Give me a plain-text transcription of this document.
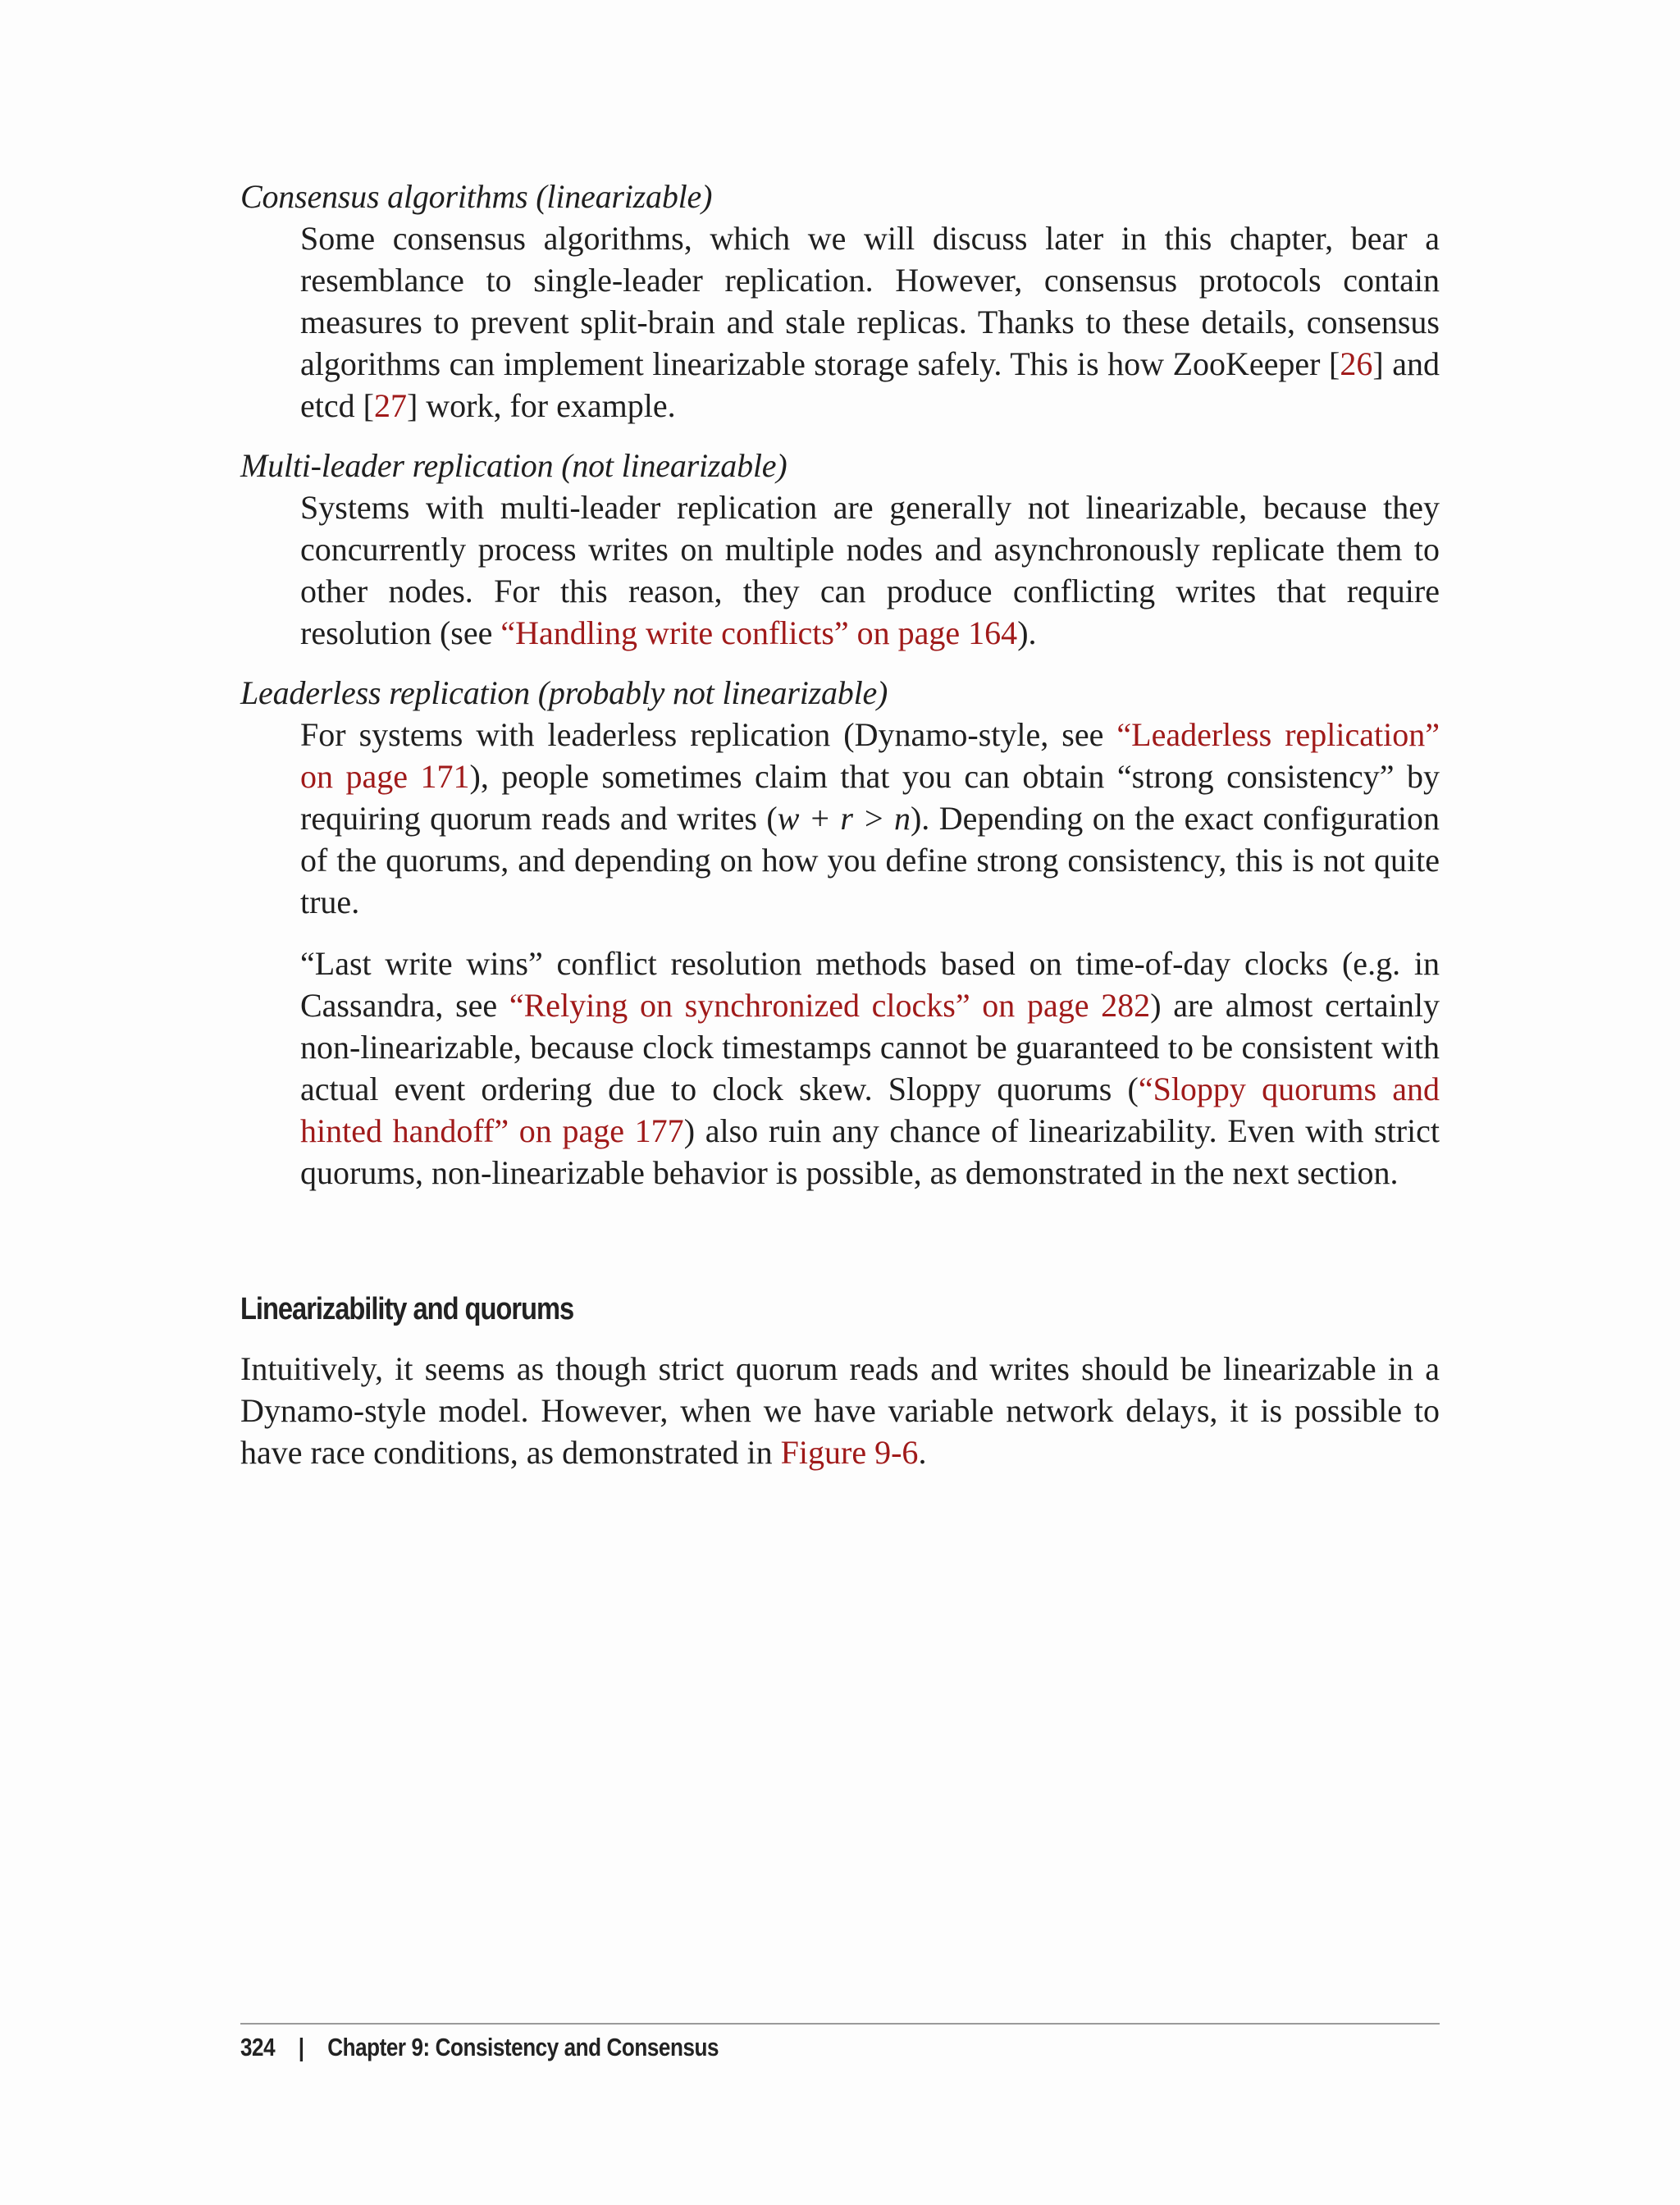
Consensus algorithms (linearizable)

Some consensus algorithms, which we will discuss later in this chapter, bear a resemblance to single-leader replication. However, consensus protocols contain measures to prevent split-brain and stale replicas. Thanks to these details, consensus algorithms can implement linearizable storage safely. This is how ZooKeeper [26] and etcd [27] work, for example.

Multi-leader replication (not linearizable)

Systems with multi-leader replication are generally not linearizable, because they concurrently process writes on multiple nodes and asynchronously replicate them to other nodes. For this reason, they can produce conflicting writes that require resolution (see “Handling write conflicts” on page 164).

Leaderless replication (probably not linearizable)

For systems with leaderless replication (Dynamo-style, see “Leaderless replication” on page 171), people sometimes claim that you can obtain “strong consistency” by requiring quorum reads and writes (w + r > n). Depending on the exact configuration of the quorums, and depending on how you define strong consistency, this is not quite true.

“Last write wins” conflict resolution methods based on time-of-day clocks (e.g. in Cassandra, see “Relying on synchronized clocks” on page 282) are almost certainly non-linearizable, because clock timestamps cannot be guaranteed to be consistent with actual event ordering due to clock skew. Sloppy quorums (“Sloppy quorums and hinted handoff” on page 177) also ruin any chance of linearizability. Even with strict quorums, non-linearizable behavior is possible, as demonstrated in the next section.

Linearizability and quorums

Intuitively, it seems as though strict quorum reads and writes should be linearizable in a Dynamo-style model. However, when we have variable network delays, it is possible to have race conditions, as demonstrated in Figure 9-6.

324 | Chapter 9: Consistency and Consensus
